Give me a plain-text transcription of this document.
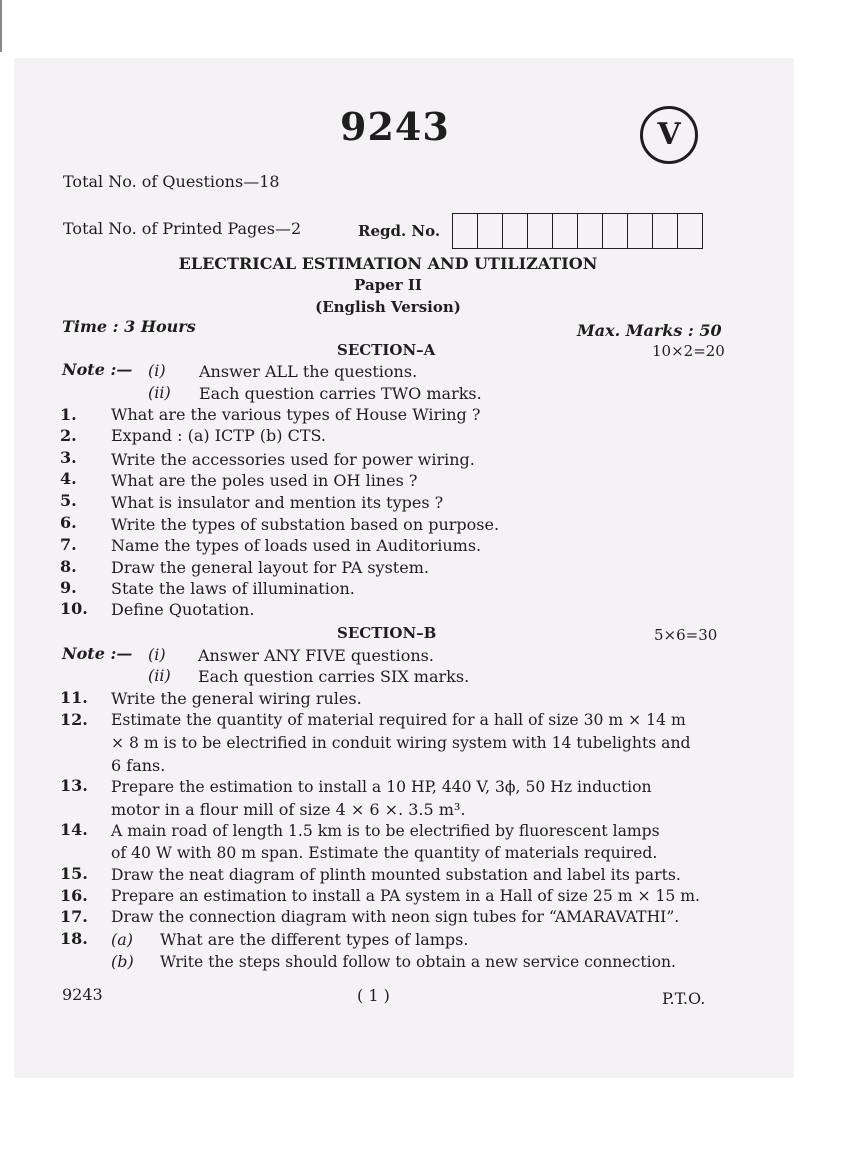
9243	V
Total No. of Questions—18
Total No. of Printed Pages—2	Regd. No.
ELECTRICAL ESTIMATION AND UTILIZATION
Paper II
(English Version)
Time : 3 Hours	Max. Marks : 50
SECTION–A	10×2=20
Note :— (i) Answer ALL the questions.
(ii) Each question carries TWO marks.
1. What are the various types of House Wiring ?
2. Expand : (a) ICTP (b) CTS.
3. Write the accessories used for power wiring.
4. What are the poles used in OH lines ?
5. What is insulator and mention its types ?
6. Write the types of substation based on purpose.
7. Name the types of loads used in Auditoriums.
8. Draw the general layout for PA system.
9. State the laws of illumination.
10. Define Quotation.
SECTION–B	5×6=30
Note :— (i) Answer ANY FIVE questions.
(ii) Each question carries SIX marks.
11. Write the general wiring rules.
12. Estimate the quantity of material required for a hall of size 30 m × 14 m
× 8 m is to be electrified in conduit wiring system with 14 tubelights and
6 fans.
13. Prepare the estimation to install a 10 HP, 440 V, 3ϕ, 50 Hz induction
motor in a flour mill of size 4 × 6 ×. 3.5 m³.
14. A main road of length 1.5 km is to be electrified by fluorescent lamps
of 40 W with 80 m span. Estimate the quantity of materials required.
15. Draw the neat diagram of plinth mounted substation and label its parts.
16. Prepare an estimation to install a PA system in a Hall of size 25 m × 15 m.
17. Draw the connection diagram with neon sign tubes for “AMARAVATHI”.
18. (a) What are the different types of lamps.
(b) Write the steps should follow to obtain a new service connection.
9243	( 1 )	P.T.O.
